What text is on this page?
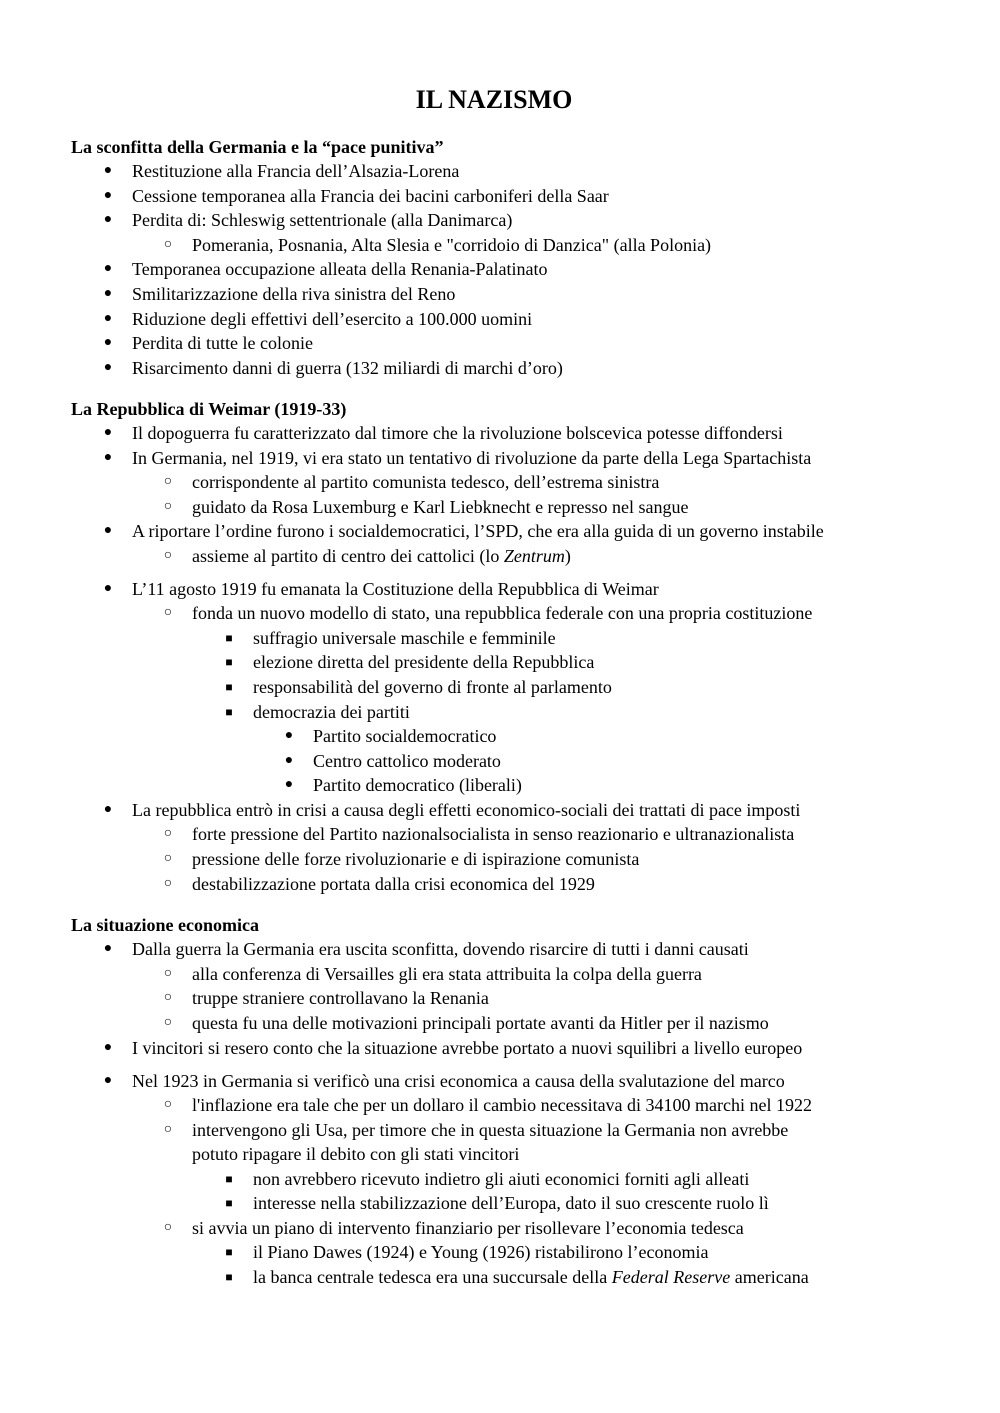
IL NAZISMO
La sconfitta della Germania e la “pace punitiva”
●
Restituzione alla Francia dell’Alsazia-Lorena
●
Cessione temporanea alla Francia dei bacini carboniferi della Saar
●
Perdita di: Schleswig settentrionale (alla Danimarca)
○
Pomerania, Posnania, Alta Slesia e "corridoio di Danzica" (alla Polonia)
●
Temporanea occupazione alleata della Renania-Palatinato
●
Smilitarizzazione della riva sinistra del Reno
●
Riduzione degli effettivi dell’esercito a 100.000 uomini
●
Perdita di tutte le colonie
●
Risarcimento danni di guerra (132 miliardi di marchi d’oro)
La Repubblica di Weimar (1919-33)
●
Il dopoguerra fu caratterizzato dal timore che la rivoluzione bolscevica potesse diffondersi
●
In Germania, nel 1919, vi era stato un tentativo di rivoluzione da parte della Lega Spartachista
○
corrispondente al partito comunista tedesco, dell’estrema sinistra
○
guidato da Rosa Luxemburg e Karl Liebknecht e represso nel sangue
●
A riportare l’ordine furono i socialdemocratici, l’SPD, che era alla guida di un governo instabile
○
assieme al partito di centro dei cattolici (lo Zentrum)
●
L’11 agosto 1919 fu emanata la Costituzione della Repubblica di Weimar
○
fonda un nuovo modello di stato, una repubblica federale con una propria costituzione
■
suffragio universale maschile e femminile
■
elezione diretta del presidente della Repubblica
■
responsabilità del governo di fronte al parlamento
■
democrazia dei partiti
●
Partito socialdemocratico
●
Centro cattolico moderato
●
Partito democratico (liberali)
●
La repubblica entrò in crisi a causa degli effetti economico-sociali dei trattati di pace imposti
○
forte pressione del Partito nazionalsocialista in senso reazionario e ultranazionalista
○
pressione delle forze rivoluzionarie e di ispirazione comunista
○
destabilizzazione portata dalla crisi economica del 1929
La situazione economica
●
Dalla guerra la Germania era uscita sconfitta, dovendo risarcire di tutti i danni causati
○
alla conferenza di Versailles gli era stata attribuita la colpa della guerra
○
truppe straniere controllavano la Renania
○
questa fu una delle motivazioni principali portate avanti da Hitler per il nazismo
●
I vincitori si resero conto che la situazione avrebbe portato a nuovi squilibri a livello europeo
●
Nel 1923 in Germania si verificò una crisi economica a causa della svalutazione del marco
○
l'inflazione era tale che per un dollaro il cambio necessitava di 34100 marchi nel 1922
○
intervengono gli Usa, per timore che in questa situazione la Germania non avrebbe
potuto ripagare il debito con gli stati vincitori
■
non avrebbero ricevuto indietro gli aiuti economici forniti agli alleati
■
interesse nella stabilizzazione dell’Europa, dato il suo crescente ruolo lì
○
si avvia un piano di intervento finanziario per risollevare l’economia tedesca
■
il Piano Dawes (1924) e Young (1926) ristabilirono l’economia
■
la banca centrale tedesca era una succursale della Federal Reserve americana
